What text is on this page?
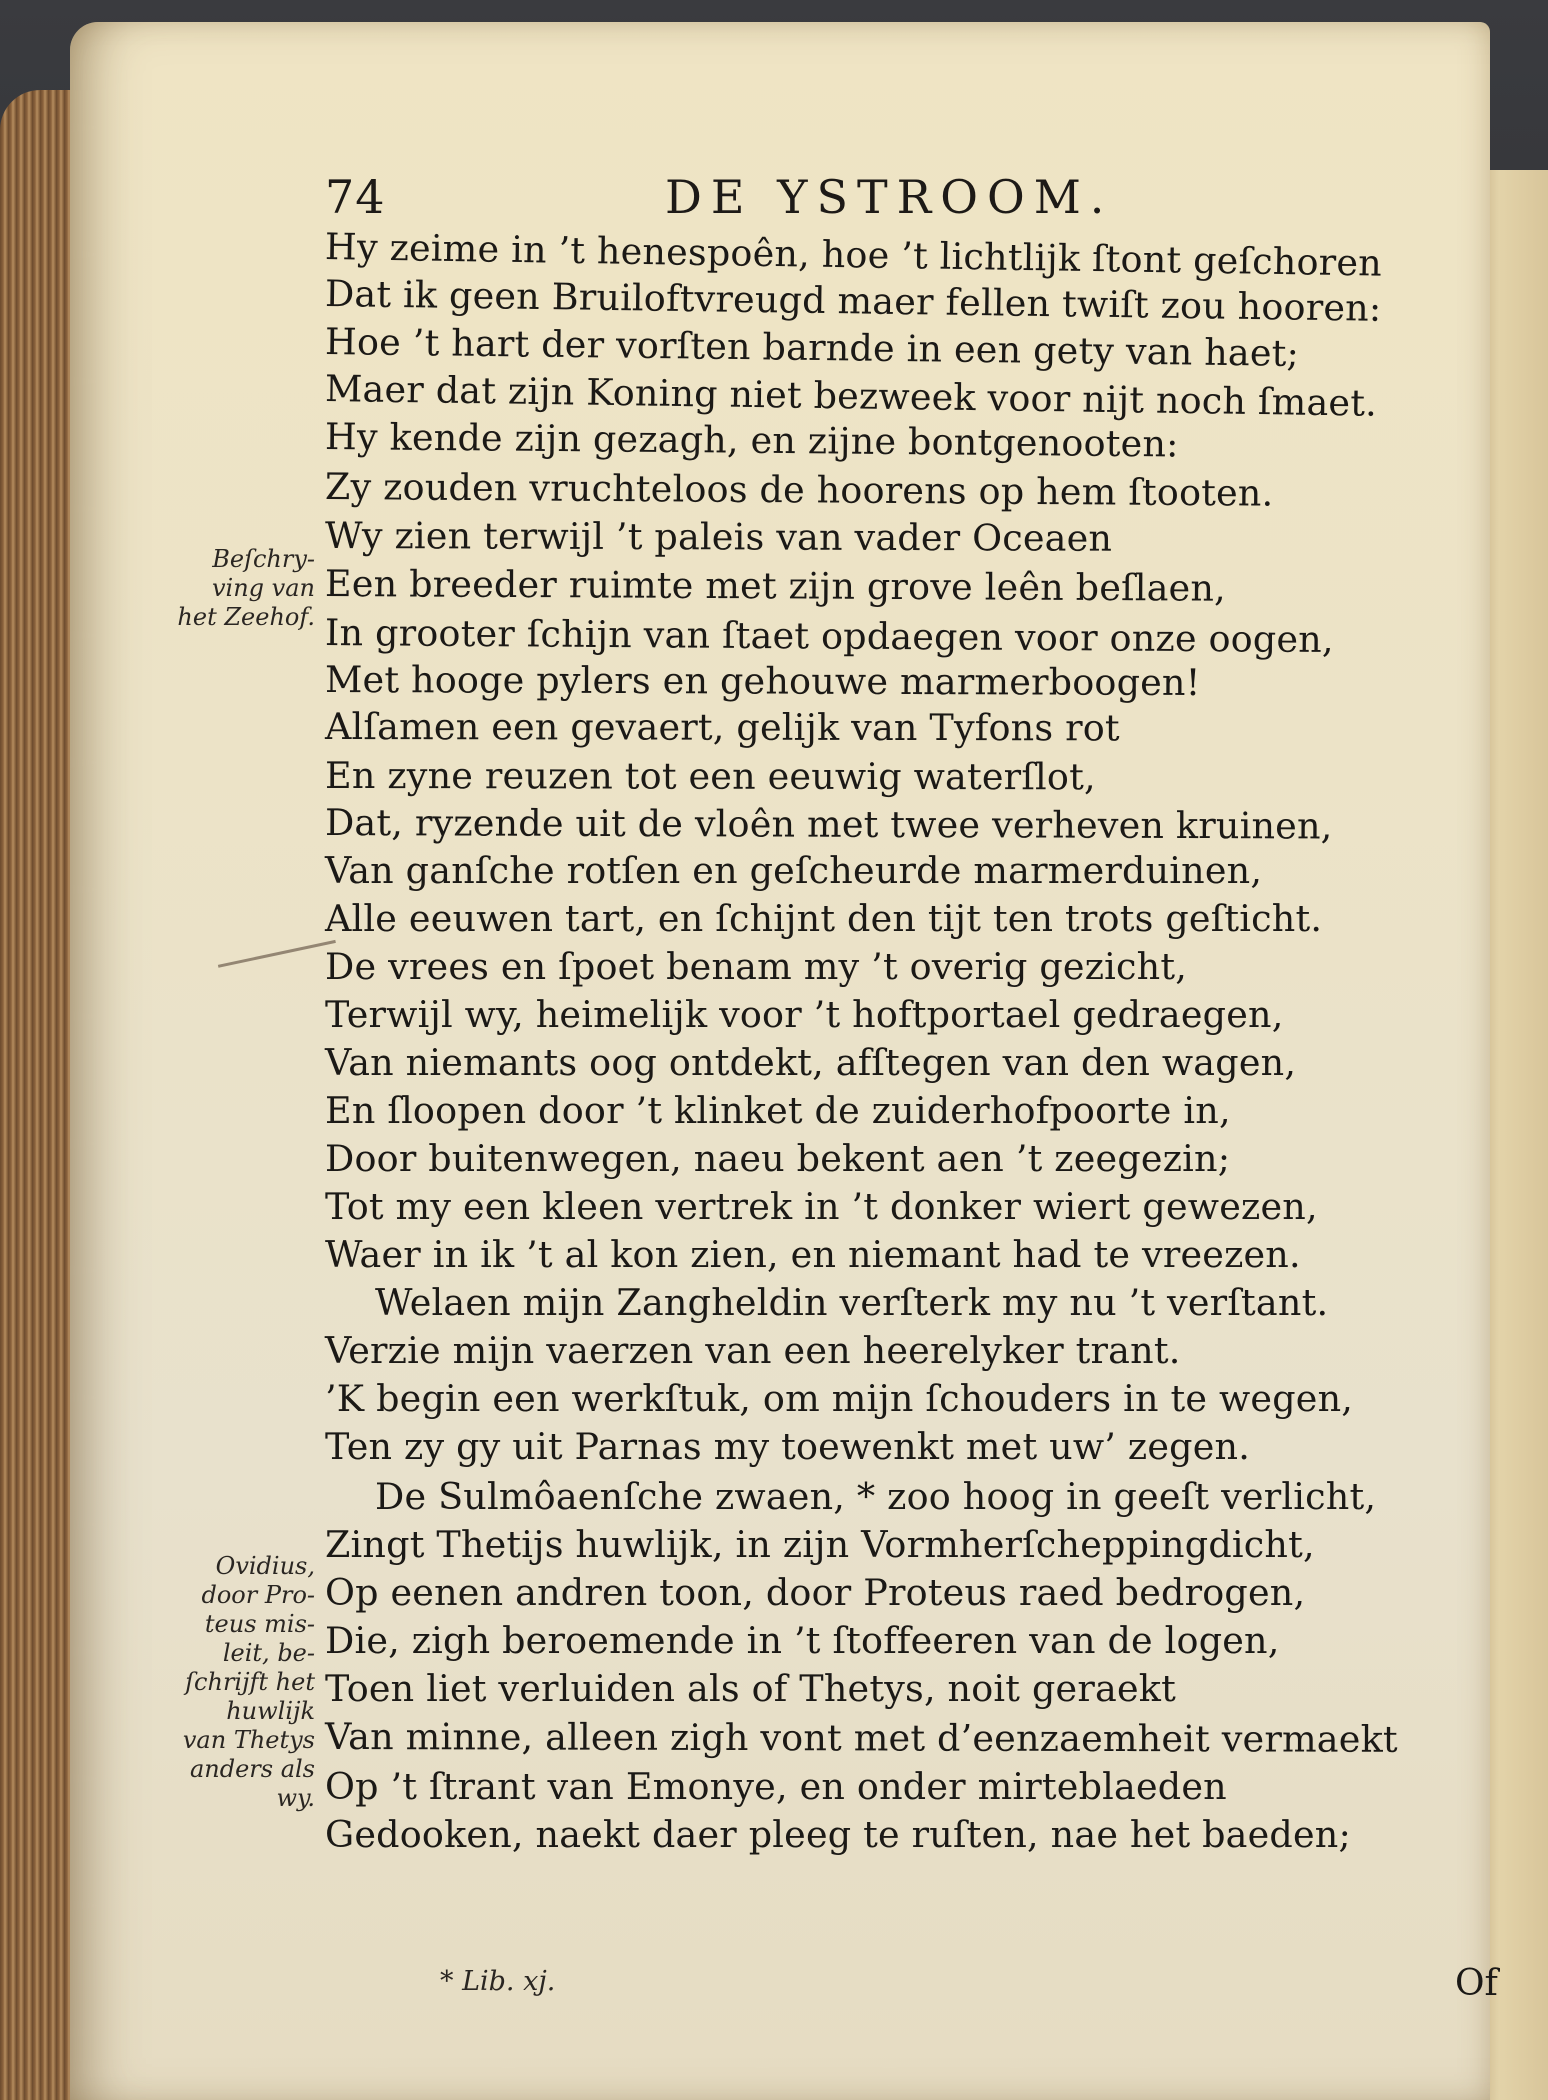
74	DE YSTROOM.
Hy zeime in ’t henespoên, hoe ’t lichtlijk ſtont geſchoren
Dat ik geen Bruiloftvreugd maer fellen twiſt zou hooren:
Hoe ’t hart der vorſten barnde in een gety van haet;
Maer dat zijn Koning niet bezweek voor nijt noch ſmaet.
Hy kende zijn gezagh, en zijne bontgenooten:
Zy zouden vruchteloos de hoorens op hem ſtooten.
Wy zien terwijl ’t paleis van vader Oceaen
Een breeder ruimte met zijn grove leên beſlaen,
In grooter ſchijn van ſtaet opdaegen voor onze oogen,
Met hooge pylers en gehouwe marmerboogen!
Alſamen een gevaert, gelijk van Tyfons rot
En zyne reuzen tot een eeuwig waterſlot,
Dat, ryzende uit de vloên met twee verheven kruinen,
Van ganſche rotſen en geſcheurde marmerduinen,
Alle eeuwen tart, en ſchijnt den tijt ten trots geſticht.
De vrees en ſpoet benam my ’t overig gezicht,
Terwijl wy, heimelijk voor ’t hoftportael gedraegen,
Van niemants oog ontdekt, afſtegen van den wagen,
En ſloopen door ’t klinket de zuiderhofpoorte in,
Door buitenwegen, naeu bekent aen ’t zeegezin;
Tot my een kleen vertrek in ’t donker wiert gewezen,
Waer in ik ’t al kon zien, en niemant had te vreezen.
Welaen mijn Zangheldin verſterk my nu ’t verſtant.
Verzie mijn vaerzen van een heerelyker trant.
’K begin een werkſtuk, om mijn ſchouders in te wegen,
Ten zy gy uit Parnas my toewenkt met uw’ zegen.
De Sulmôaenſche zwaen, * zoo hoog in geeſt verlicht,
Zingt Thetijs huwlijk, in zijn Vormherſcheppingdicht,
Op eenen andren toon, door Proteus raed bedrogen,
Die, zigh beroemende in ’t ſtoffeeren van de logen,
Toen liet verluiden als of Thetys, noit geraekt
Van minne, alleen zigh vont met d’eenzaemheit vermaekt
Op ’t ſtrant van Emonye, en onder mirteblaeden
Gedooken, naekt daer pleeg te ruſten, nae het baeden;
Beſchry-
ving van
het Zeehof.
Ovidius,
door Pro-
teus mis-
leit, be-
ſchrijft het
huwlijk
van Thetys
anders als
wy.
* Lib. xj.	Of
